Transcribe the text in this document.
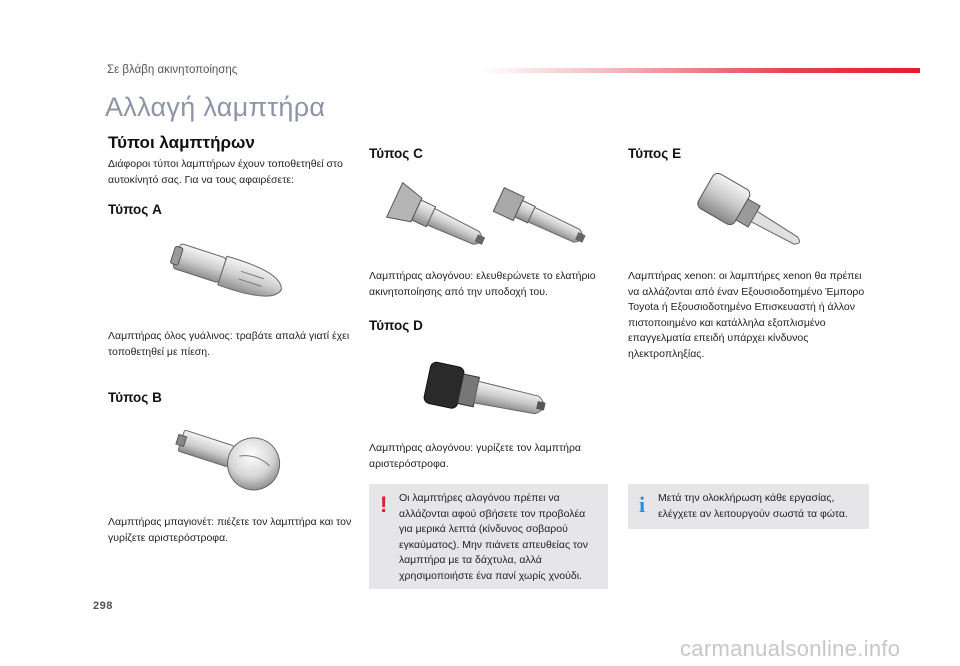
Σε βλάβη ακινητοποίησης
Αλλαγή λαμπτήρα
Τύποι λαμπτήρων
Διάφοροι τύποι λαμπτήρων έχουν τοποθετηθεί στο αυτοκίνητό σας. Για να τους αφαιρέσετε:
Τύπος A
Λαμπτήρας όλος γυάλινος: τραβάτε απαλά γιατί έχει τοποθετηθεί με πίεση.
Τύπος B
Λαμπτήρας μπαγιονέτ: πιέζετε τον λαμπτήρα και τον γυρίζετε αριστερόστροφα.
Τύπος C
Λαμπτήρας αλογόνου: ελευθερώνετε το ελατήριο ακινητοποίησης από την υποδοχή του.
Τύπος D
Λαμπτήρας αλογόνου: γυρίζετε τον λαμπτήρα αριστερόστροφα.
Τύπος E
Λαμπτήρας xenon: οι λαμπτήρες xenon θα πρέπει να αλλάζονται από έναν Εξουσιοδοτημένο Έμπορο Toyota ή Εξουσιοδοτημένο Επισκευαστή ή άλλον πιστοποιημένο και κατάλληλα εξοπλισμένο επαγγελματία επειδή υπάρχει κίνδυνος ηλεκτροπληξίας.
! Οι λαμπτήρες αλογόνου πρέπει να αλλάζονται αφού σβήσετε τον προβολέα για μερικά λεπτά (κίνδυνος σοβαρού εγκαύματος). Μην πιάνετε απευθείας τον λαμπτήρα με τα δάχτυλα, αλλά χρησιμοποιήστε ένα πανί χωρίς χνούδι.
i Μετά την ολοκλήρωση κάθε εργασίας, ελέγχετε αν λειτουργούν σωστά τα φώτα.
298
carmanualsonline.info
